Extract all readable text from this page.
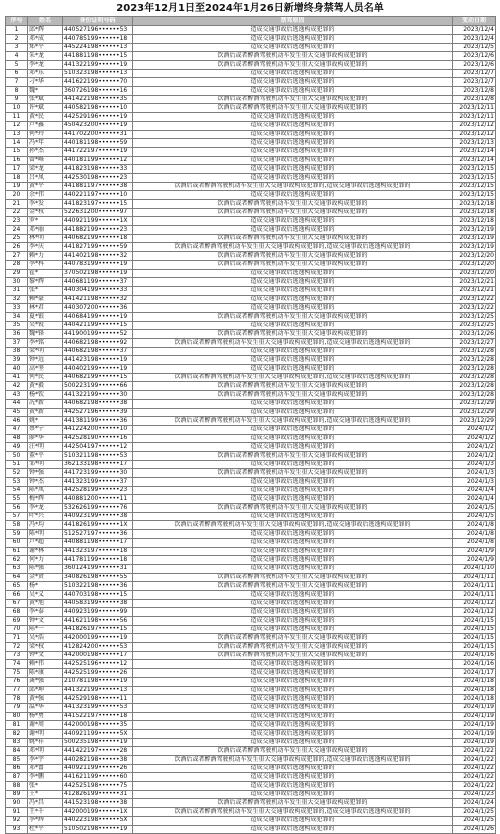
2023年12月1日至2024年1月26日新增终身禁驾人员名单
序号	姓名	身份证明号码	禁驾原因	变动日期
1	邱*辉	440527196••••••53	造成交通事故后逃逸构成犯罪的	2023/12/4
2	邓*成	440785199••••••18	造成交通事故后逃逸构成犯罪的	2023/12/4
3	郑*平	445224198••••••13	造成交通事故后逃逸构成犯罪的	2023/12/5
4	朱*龙	441881198••••••15	饮酒后或者醉酒驾驶机动车发生重大交通事故构成犯罪的	2023/12/6
5	李*龙	441322199••••••19	饮酒后或者醉酒驾驶机动车发生重大交通事故构成犯罪的	2023/12/6
6	邓*东	510323198••••••13	造成交通事故后逃逸构成犯罪的	2023/12/7
7	刁*华	441622199••••••70	造成交通事故后逃逸构成犯罪的	2023/12/7
8	魏*	360726198••••••16	造成交通事故后逃逸构成犯罪的	2023/12/8
9	张*斌	441422198••••••35	饮酒后或者醉酒驾驶机动车发生重大交通事故构成犯罪的	2023/12/8
10	许*斌	440582198••••••10	饮酒后或者醉酒驾驶机动车发生重大交通事故构成犯罪的	2023/12/11
11	黄*民	442529196••••••19	造成交通事故后逃逸构成犯罪的	2023/12/11
12	卢*鑫	450423200••••••19	造成交通事故后逃逸构成犯罪的	2023/12/12
13	何*玲	441702200••••••31	造成交通事故后逃逸构成犯罪的	2023/12/12
14	冯*年	440181198••••••59	造成交通事故后逃逸构成犯罪的	2023/12/13
15	孙*杰	441722197••••••19	造成交通事故后逃逸构成犯罪的	2023/12/14
16	曾*峰	440181199••••••12	造成交通事故后逃逸构成犯罪的	2023/12/14
17	梁*龙	441823198••••••33	造成交通事故后逃逸构成犯罪的	2023/12/15
18	吕*凤	442530198••••••23	造成交通事故后逃逸构成犯罪的	2023/12/15
19	黄*平	441881197••••••38	饮酒后或者醉酒驾驶机动车发生重大交通事故构成犯罪的,造成交通事故后逃逸构成犯罪的	2023/12/15
20	余*伟	440221197••••••10	造成交通事故后逃逸构成犯罪的	2023/12/15
21	李*发	441823197••••••15	饮酒后或者醉酒驾驶机动车发生重大交通事故构成犯罪的	2023/12/18
22	金*权	522631200••••••97	饮酒后或者醉酒驾驶机动车发生重大交通事故构成犯罪的	2023/12/18
23	罗*	440921199••••••1X	造成交通事故后逃逸构成犯罪的	2023/12/18
24	邓*丽	441882199••••••23	造成交通事故后逃逸构成犯罪的	2023/12/19
25	林*明	440682199••••••18	饮酒后或者醉酒驾驶机动车发生重大交通事故构成犯罪的	2023/12/19
26	李*庆	441827199••••••59	饮酒后或者醉酒驾驶机动车发生重大交通事故构成犯罪的,造成交通事故后逃逸构成犯罪的	2023/12/19
27	赖*力	441402198••••••32	饮酒后或者醉酒驾驶机动车发生重大交通事故构成犯罪的	2023/12/20
28	李*科	440783199••••••19	饮酒后或者醉酒驾驶机动车发生重大交通事故构成犯罪的	2023/12/20
29	霍*	370502198••••••19	造成交通事故后逃逸构成犯罪的	2023/12/20
30	黎*辉	440681199••••••37	造成交通事故后逃逸构成犯罪的	2023/12/21
31	张*	440304199••••••33	造成交通事故后逃逸构成犯罪的	2023/12/21
32	赖*豪	441421198••••••32	造成交通事故后逃逸构成犯罪的	2023/12/22
33	林*君	440307200••••••36	造成交通事故后逃逸构成犯罪的	2023/12/22
34	夏*银	440684199••••••19	饮酒后或者醉酒驾驶机动车发生重大交通事故构成犯罪的	2023/12/25
35	吴*锐	440421199••••••15	造成交通事故后逃逸构成犯罪的	2023/12/25
36	魏*锋	441900199••••••52	饮酒后或者醉酒驾驶机动车发生重大交通事故构成犯罪的	2023/12/26
37	李*铭	440682198••••••92	饮酒后或者醉酒驾驶机动车发生重大交通事故构成犯罪的,造成交通事故后逃逸构成犯罪的	2023/12/27
38	梁*明	440682198••••••37	造成交通事故后逃逸构成犯罪的	2023/12/28
39	钟*远	441423198••••••19	造成交通事故后逃逸构成犯罪的	2023/12/28
40	高*坚	440402199••••••19	造成交通事故后逃逸构成犯罪的	2023/12/28
41	何*民	440682199••••••15	饮酒后或者醉酒驾驶机动车发生重大交通事故构成犯罪的,造成交通事故后逃逸构成犯罪的	2023/12/28
42	黄*毅	500223199••••••66	饮酒后或者醉酒驾驶机动车发生重大交通事故构成犯罪的	2023/12/28
43	杨*钦	441322199••••••30	饮酒后或者醉酒驾驶机动车发生重大交通事故构成犯罪的	2023/12/28
44	冼*新	440682198••••••38	造成交通事故后逃逸构成犯罪的	2023/12/29
45	黄*新	442527196••••••39	造成交通事故后逃逸构成犯罪的	2023/12/29
46	姚*	441381199••••••36	饮酒后或者醉酒驾驶机动车发生重大交通事故构成犯罪的,造成交通事故后逃逸构成犯罪的	2023/12/29
47	蔡*宁	441224200••••••10	造成交通事故后逃逸构成犯罪的	2024/1/2
48	廖*华	442528190••••••16	造成交通事故后逃逸构成犯罪的	2024/1/2
49	汪*明	442504197••••••12	造成交通事故后逃逸构成犯罪的	2024/1/2
50	董*平	510321198••••••53	饮酒后或者醉酒驾驶机动车发生重大交通事故构成犯罪的	2024/1/2
51	邹*明	362133198••••••17	造成交通事故后逃逸构成犯罪的	2024/1/3
52	钟*强	441723199••••••30	饮酒后或者醉酒驾驶机动车发生重大交通事故构成犯罪的	2024/1/3
53	钟*杰	441323199••••••37	造成交通事故后逃逸构成犯罪的	2024/1/3
54	陈*凤	442528199••••••23	造成交通事故后逃逸构成犯罪的	2024/1/4
55	梅*辉	440881200••••••11	造成交通事故后逃逸构成犯罪的	2024/1/4
56	李*龙	532626199••••••76	饮酒后或者醉酒驾驶机动车发生重大交通事故构成犯罪的	2024/1/5
57	叶*兴	440923199••••••38	造成交通事故后逃逸构成犯罪的	2024/1/5
58	冯*均	441826199••••••1X	饮酒后或者醉酒驾驶机动车发生重大交通事故构成犯罪的,造成交通事故后逃逸构成犯罪的	2024/1/8
59	陈*明	512527197••••••36	造成交通事故后逃逸构成犯罪的	2024/1/8
60	卢*超	440881198••••••17	造成交通事故后逃逸构成犯罪的	2024/1/8
61	谢*林	441323197••••••18	造成交通事故后逃逸构成犯罪的	2024/1/9
62	何*力	441781199••••••18	造成交通事故后逃逸构成犯罪的	2024/1/9
63	陈*强	360124199••••••31	造成交通事故后逃逸构成犯罪的	2024/1/10
64	金*贤	340826198••••••55	饮酒后或者醉酒驾驶机动车发生重大交通事故构成犯罪的	2024/1/11
65	杨*	510322198••••••36	饮酒后或者醉酒驾驶机动车发生重大交通事故构成犯罪的	2024/1/11
66	吴*义	440703198••••••15	造成交通事故后逃逸构成犯罪的	2024/1/11
67	黄*旭	440583199••••••38	造成交通事故后逃逸构成犯罪的	2024/1/12
68	李*泰	440923199••••••99	造成交通事故后逃逸构成犯罪的	2024/1/12
69	钟*文	441621198••••••56	造成交通事故后逃逸构成犯罪的	2024/1/15
70	陈*一	441826197••••••15	造成交通事故后逃逸构成犯罪的	2024/1/15
71	吴*浩	442000199••••••19	饮酒后或者醉酒驾驶机动车发生重大交通事故构成犯罪的	2024/1/15
72	梁*权	412824200••••••53	饮酒后或者醉酒驾驶机动车发生重大交通事故构成犯罪的	2024/1/15
73	钟*文	442000198••••••17	饮酒后或者醉酒驾驶机动车发生重大交通事故构成犯罪的	2024/1/16
74	赖*伟	442525196••••••12	造成交通事故后逃逸构成犯罪的	2024/1/16
75	陈*康	442525199••••••26	造成交通事故后逃逸构成犯罪的	2024/1/17
76	龚*强	210781198••••••19	造成交通事故后逃逸构成犯罪的	2024/1/18
77	邱*坤	441322199••••••13	造成交通事故后逃逸构成犯罪的	2024/1/18
78	黄*强	442529198••••••11	造成交通事故后逃逸构成犯罪的	2024/1/18
79	温*华	441323199••••••53	造成交通事故后逃逸构成犯罪的	2024/1/19
80	杨*勇	441522197••••••18	造成交通事故后逃逸构成犯罪的	2024/1/19
81	谢*周	442000198••••••35	造成交通事故后逃逸构成犯罪的	2024/1/19
82	谢*明	440921199••••••5X	造成交通事故后逃逸构成犯罪的	2024/1/19
83	姚*祥	500235198••••••19	造成交通事故后逃逸构成犯罪的	2024/1/19
84	邓*明	441422197••••••28	饮酒后或者醉酒驾驶机动车发生重大交通事故构成犯罪的	2024/1/22
85	李*宇	440282198••••••38	饮酒后或者醉酒驾驶机动车发生重大交通事故构成犯罪的,造成交通事故后逃逸构成犯罪的	2024/1/22
86	邓*富	440921199••••••26	造成交通事故后逃逸构成犯罪的	2024/1/22
87	李*鹏	441621199••••••60	造成交通事故后逃逸构成犯罪的	2024/1/22
88	张*	442525198••••••75	造成交通事故后逃逸构成犯罪的	2024/1/22
89	王*	412826199••••••31	造成交通事故后逃逸构成犯罪的	2024/1/23
90	冯*昌	441523198••••••38	饮酒后或者醉酒驾驶机动车发生重大交通事故构成犯罪的	2024/1/24
91	王*千	442000199••••••1X	饮酒后或者醉酒驾驶机动车发生重大交通事故构成犯罪的,造成交通事故后逃逸构成犯罪的	2024/1/25
92	李*辉	440223198••••••5X	造成交通事故后逃逸构成犯罪的	2024/1/25
93	杜*平	510502198••••••19	造成交通事故后逃逸构成犯罪的	2024/1/26
